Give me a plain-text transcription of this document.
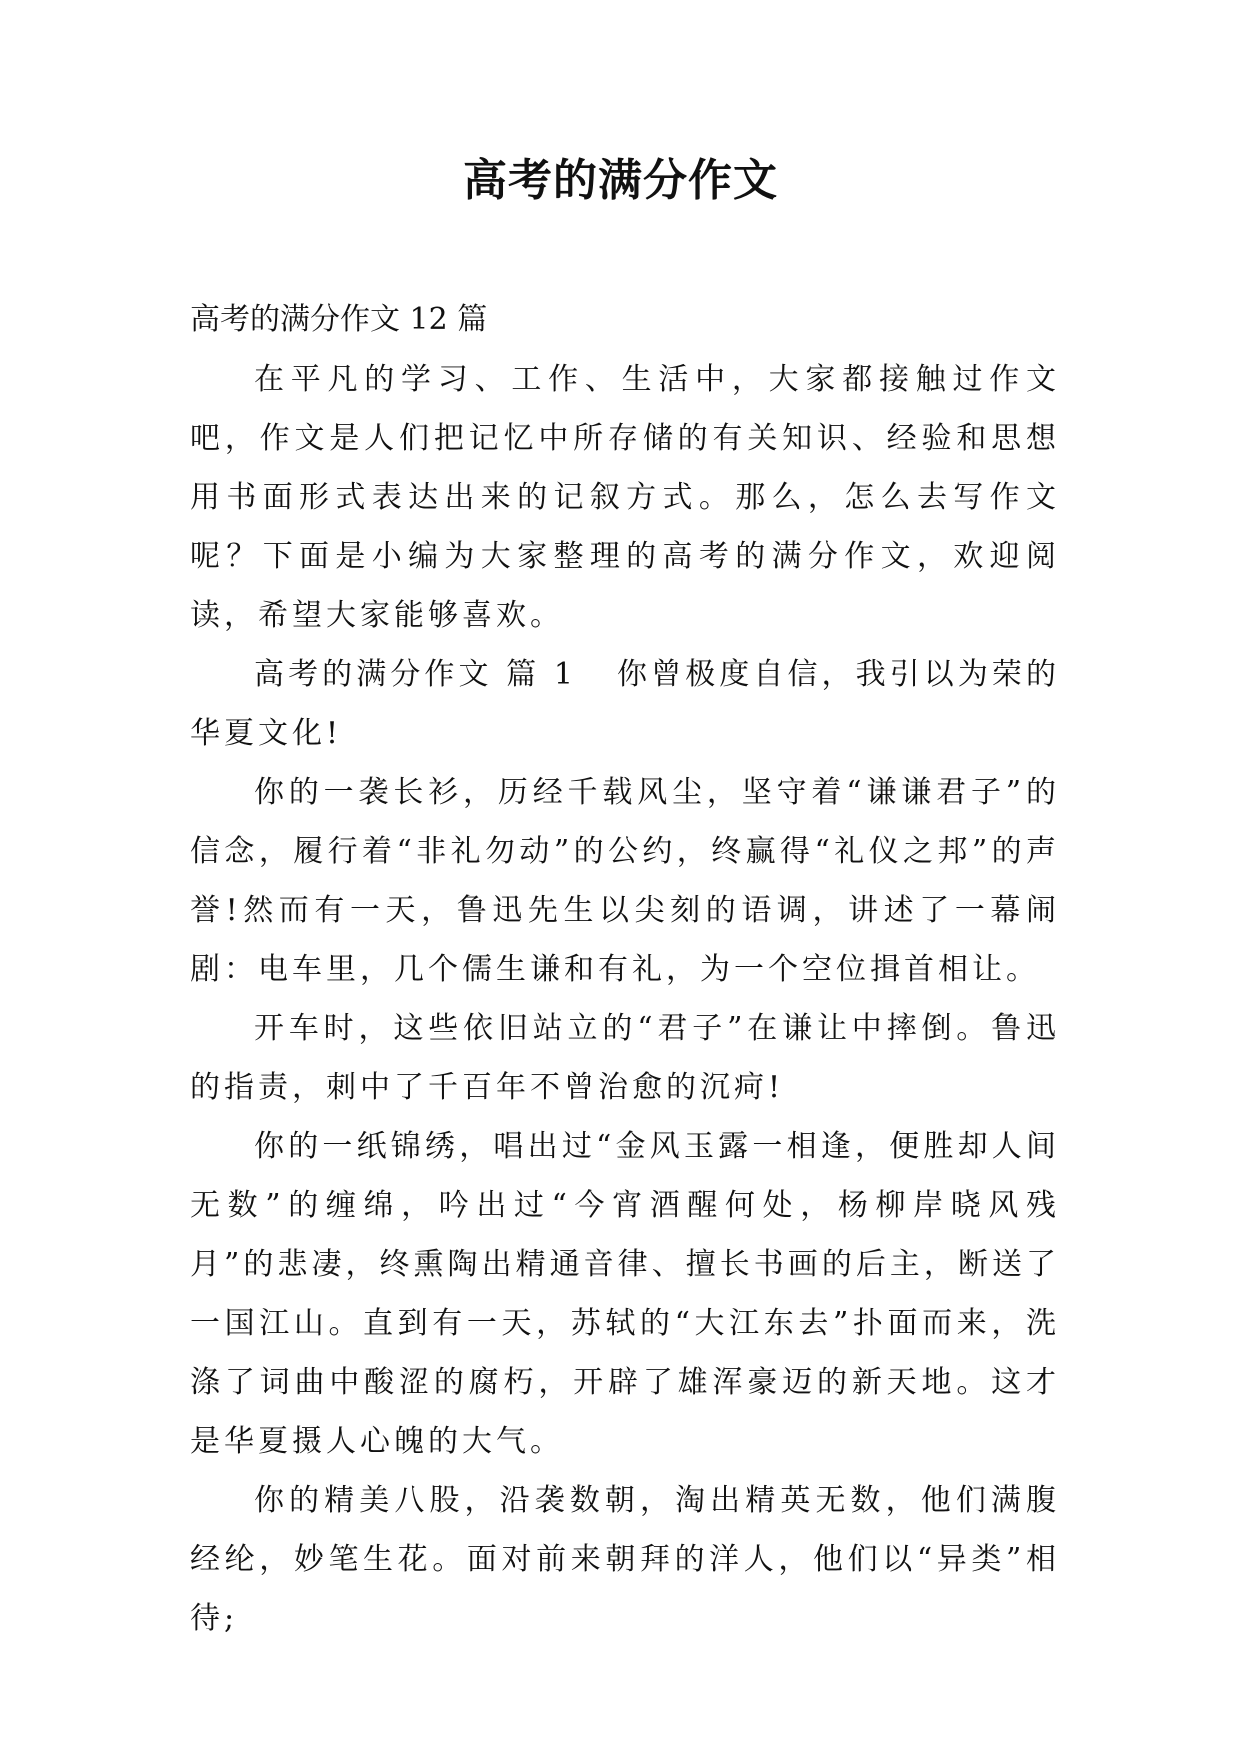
高考的满分作文

高考的满分作文 12 篇

在平凡的学习、工作、生活中，大家都接触过作文吧，作文是人们把记忆中所存储的有关知识、经验和思想用书面形式表达出来的记叙方式。那么，怎么去写作文呢？下面是小编为大家整理的高考的满分作文，欢迎阅读，希望大家能够喜欢。

高考的满分作文 篇 1 你曾极度自信，我引以为荣的华夏文化!

你的一袭长衫，历经千载风尘，坚守着“谦谦君子”的信念，履行着“非礼勿动”的公约，终赢得“礼仪之邦”的声誉!然而有一天，鲁迅先生以尖刻的语调，讲述了一幕闹剧：电车里，几个儒生谦和有礼，为一个空位揖首相让。

开车时，这些依旧站立的“君子”在谦让中摔倒。鲁迅的指责，刺中了千百年不曾治愈的沉疴!

你的一纸锦绣，唱出过“金风玉露一相逢，便胜却人间无数”的缠绵，吟出过“今宵酒醒何处，杨柳岸晓风残月”的悲凄，终熏陶出精通音律、擅长书画的后主，断送了一国江山。直到有一天，苏轼的“大江东去”扑面而来，洗涤了词曲中酸涩的腐朽，开辟了雄浑豪迈的新天地。这才是华夏摄人心魄的大气。

你的精美八股，沿袭数朝，淘出精英无数，他们满腹经纶，妙笔生花。面对前来朝拜的洋人，他们以“异类”相待;
